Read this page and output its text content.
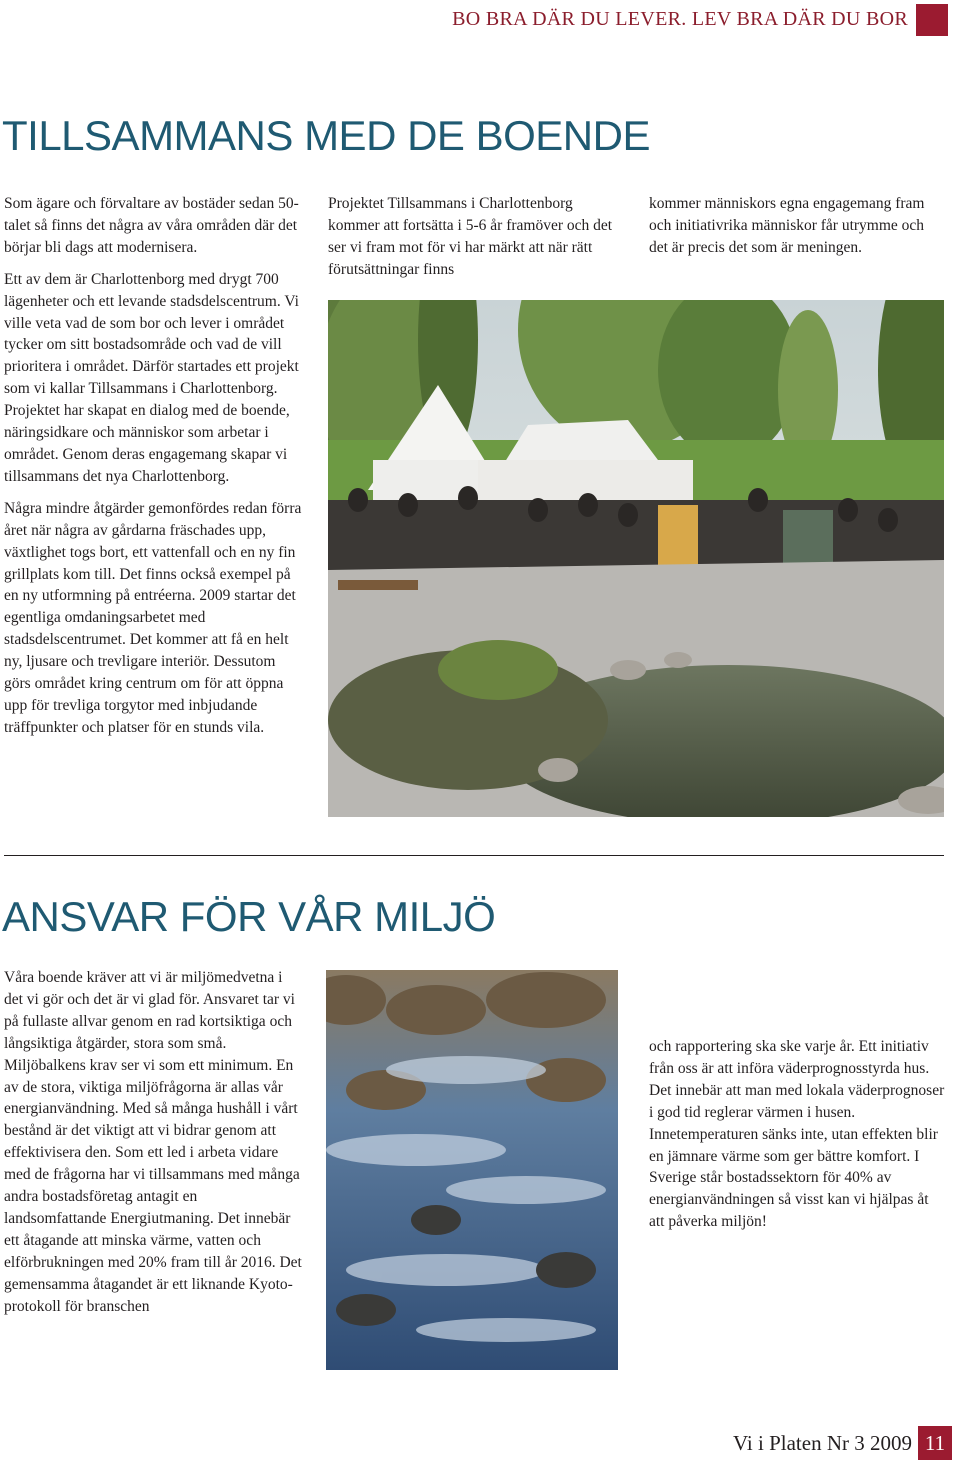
BO BRA DÄR DU LEVER. LEV BRA DÄR DU BOR
TILLSAMMANS MED DE BOENDE

Som ägare och förvaltare av bostäder sedan 50-talet så finns det några av våra områden där det börjar bli dags att modernisera.

Ett av dem är Charlottenborg med drygt 700 lägenheter och ett levande stadsdelscentrum. Vi ville veta vad de som bor och lever i området tycker om sitt bostadsområde och vad de vill prioritera i området. Därför startades ett projekt som vi kallar Tillsammans i Charlottenborg. Projektet har skapat en dialog med de boende, näringsidkare och människor som arbetar i området. Genom deras engagemang skapar vi tillsammans det nya Charlottenborg.

Några mindre åtgärder gemonfördes redan förra året när några av gårdarna fräschades upp, växtlighet togs bort, ett vattenfall och en ny fin grillplats kom till. Det finns också exempel på en ny utformning på entréerna. 2009 startar det egentliga omdaningsarbetet med stadsdelscentrumet. Det kommer att få en helt ny, ljusare och trevligare interiör. Dessutom görs området kring centrum om för att öppna upp för trevliga torgytor med inbjudande träffpunkter och platser för en stunds vila.

Projektet Tillsammans i Charlottenborg kommer att fortsätta i 5-6 år framöver och det ser vi fram mot för vi har märkt att när rätt förutsättningar finns

kommer människors egna engagemang fram och initiativrika människor får utrymme och det är precis det som är meningen.

ANSVAR FÖR VÅR MILJÖ

Våra boende kräver att vi är miljömedvetna i det vi gör och det är vi glad för. Ansvaret tar vi på fullaste allvar genom en rad kortsiktiga och långsiktiga åtgärder, stora som små. Miljöbalkens krav ser vi som ett minimum. En av de stora, viktiga miljöfrågorna är allas vår energianvändning. Med så många hushåll i vårt bestånd är det viktigt att vi bidrar genom att effektivisera den. Som ett led i arbeta vidare med de frågorna har vi tillsammans med många andra bostadsföretag antagit en landsomfattande Energiutmaning. Det innebär ett åtagande att minska värme, vatten och elförbrukningen med 20% fram till år 2016. Det gemensamma åtagandet är ett liknande Kyoto-protokoll för branschen

och rapportering ska ske varje år. Ett initiativ från oss är att införa väderprognosstyrda hus. Det innebär att man med lokala väderprognoser i god tid reglerar värmen i husen. Innetemperaturen sänks inte, utan effekten blir en jämnare värme som ger bättre komfort. I Sverige står bostadssektorn för 40% av energianvändningen så visst kan vi hjälpas åt att påverka miljön!

Vi i Platen Nr 3 2009 11
